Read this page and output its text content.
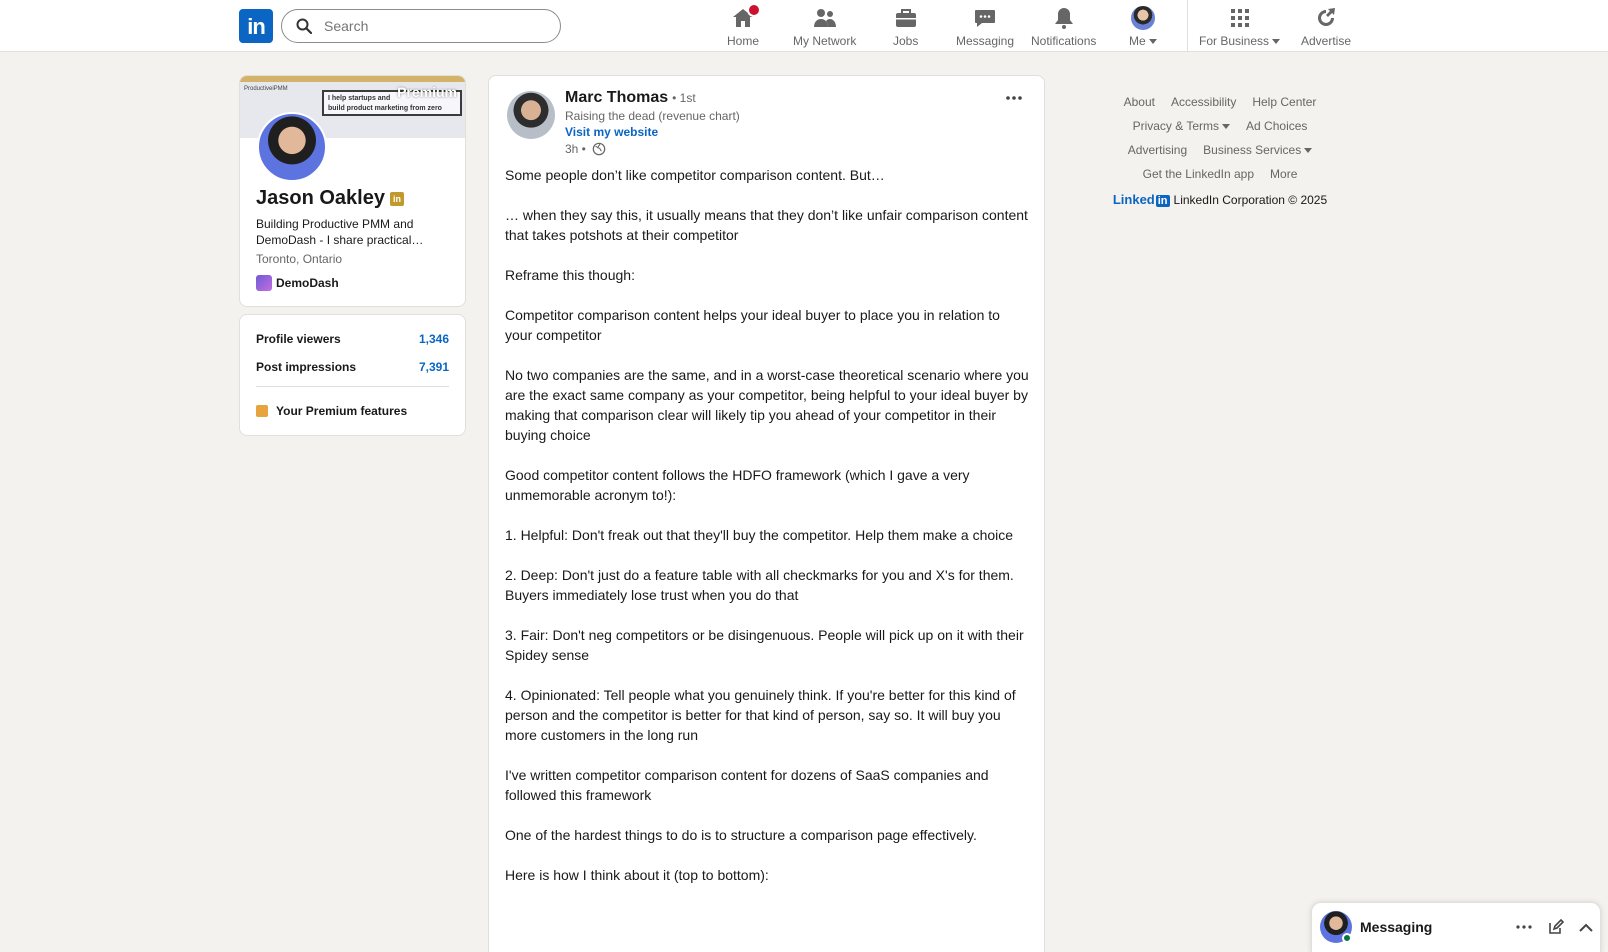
in
Search
Home	My Network	Jobs	Messaging Notifications	Me	For Business	Advertise
ProductiveiPMM
I help startups and
build product marketing from zero
Premium
Jason Oakley in
Building Productive PMM and DemoDash - I share practical…
Toronto, Ontario
DemoDash
Profile viewers	1,346
Post impressions	7,391
Your Premium features
Marc Thomas • 1st
Raising the dead (revenue chart)
Visit my website
3h •

Some people don’t like competitor comparison content. But…

… when they say this, it usually means that they don’t like unfair comparison content that takes potshots at their competitor

Reframe this though:

Competitor comparison content helps your ideal buyer to place you in relation to your competitor

No two companies are the same, and in a worst-case theoretical scenario where you are the exact same company as your competitor, being helpful to your ideal buyer by making that comparison clear will likely tip you ahead of your competitor in their buying choice

Good competitor content follows the HDFO framework (which I gave a very unmemorable acronym to!):

1. Helpful: Don't freak out that they'll buy the competitor. Help them make a choice

2. Deep: Don't just do a feature table with all checkmarks for you and X's for them. Buyers immediately lose trust when you do that

3. Fair: Don't neg competitors or be disingenuous. People will pick up on it with their Spidey sense

4. Opinionated: Tell people what you genuinely think. If you're better for this kind of person and the competitor is better for that kind of person, say so. It will buy you more customers in the long run

I've written competitor comparison content for dozens of SaaS companies and followed this framework

One of the hardest things to do is to structure a comparison page effectively.

Here is how I think about it (top to bottom):

About Accessibility Help Center
Privacy & Terms	Ad Choices
Advertising Business Services
Get the LinkedIn app More
Linked in LinkedIn Corporation © 2025
Messaging
